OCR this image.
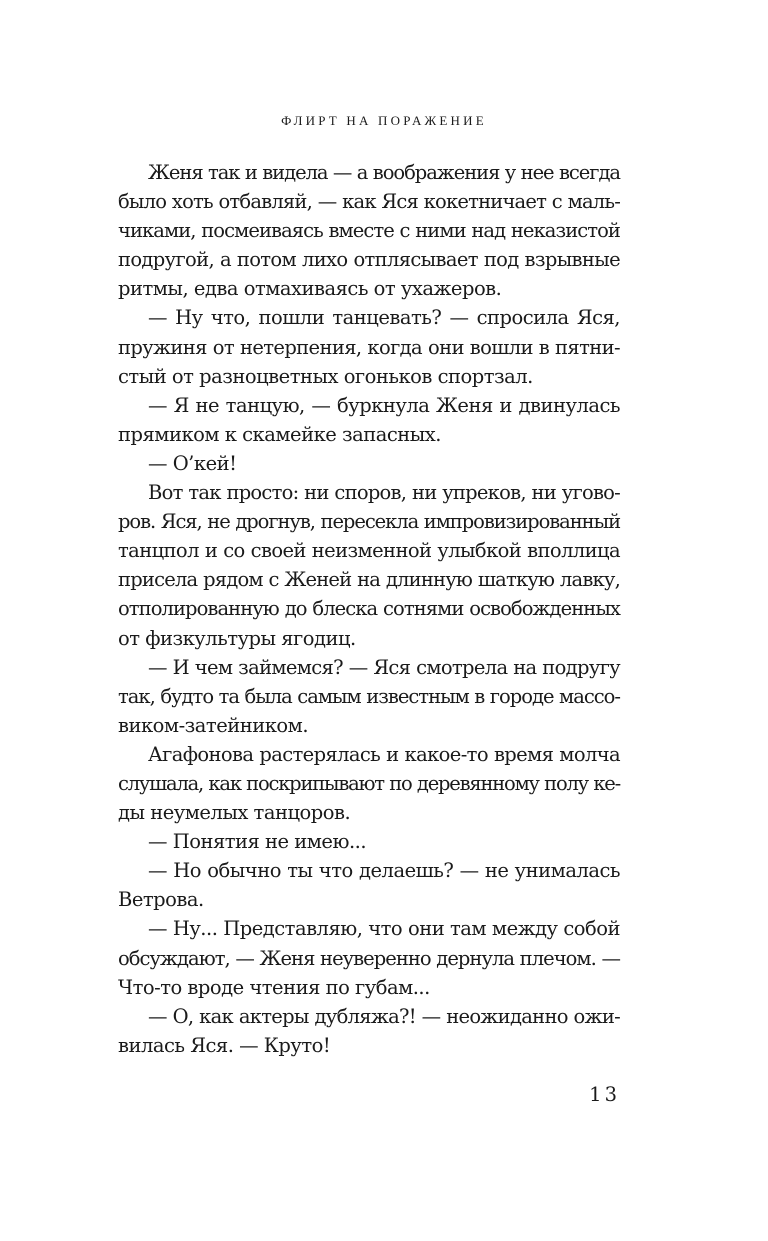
ФЛИРТ НА ПОРАЖЕНИЕ
Женя так и видела — а воображения у нее всегда
было хоть отбавляй, — как Яся кокетничает с маль-
чиками, посмеиваясь вместе с ними над неказистой
подругой, а потом лихо отплясывает под взрывные
ритмы, едва отмахиваясь от ухажеров.
— Ну что, пошли танцевать? — спросила Яся,
пружиня от нетерпения, когда они вошли в пятни-
стый от разноцветных огоньков спортзал.
— Я не танцую, — буркнула Женя и двинулась
прямиком к скамейке запасных.
— О’кей!
Вот так просто: ни споров, ни упреков, ни угово-
ров. Яся, не дрогнув, пересекла импровизированный
танцпол и со своей неизменной улыбкой вполлица
присела рядом с Женей на длинную шаткую лавку,
отполированную до блеска сотнями освобожденных
от физкультуры ягодиц.
— И чем займемся? — Яся смотрела на подругу
так, будто та была самым известным в городе массо-
виком-затейником.
Агафонова растерялась и какое-то время молча
слушала, как поскрипывают по деревянному полу ке-
ды неумелых танцоров.
— Понятия не имею...
— Но обычно ты что делаешь? — не унималась
Ветрова.
— Ну... Представляю, что они там между собой
обсуждают, — Женя неуверенно дернула плечом. —
Что-то вроде чтения по губам...
— О, как актеры дубляжа?! — неожиданно ожи-
вилась Яся. — Круто!
13
